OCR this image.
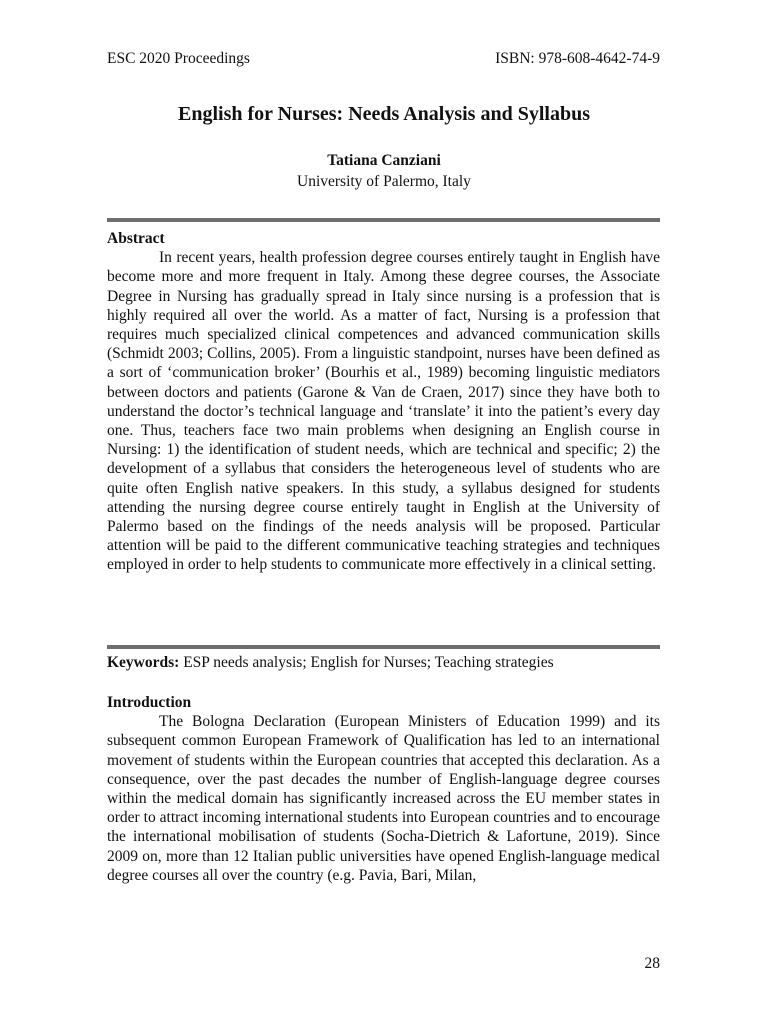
ESC 2020 Proceedings	ISBN: 978-608-4642-74-9
English for Nurses: Needs Analysis and Syllabus
Tatiana Canziani
University of Palermo, Italy

Abstract

In recent years, health profession degree courses entirely taught in English have become more and more frequent in Italy. Among these degree courses, the Associate Degree in Nursing has gradually spread in Italy since nursing is a profession that is highly required all over the world. As a matter of fact, Nursing is a profession that requires much specialized clinical competences and advanced communication skills (Schmidt 2003; Collins, 2005). From a linguistic standpoint, nurses have been defined as a sort of ‘communication broker’ (Bourhis et al., 1989) becoming linguistic mediators between doctors and patients (Garone & Van de Craen, 2017) since they have both to understand the doctor’s technical language and ‘translate’ it into the patient’s every day one. Thus, teachers face two main problems when designing an English course in Nursing: 1) the identification of student needs, which are technical and specific; 2) the development of a syllabus that considers the heterogeneous level of students who are quite often English native speakers. In this study, a syllabus designed for students attending the nursing degree course entirely taught in English at the University of Palermo based on the findings of the needs analysis will be proposed. Particular attention will be paid to the different communicative teaching strategies and techniques employed in order to help students to communicate more effectively in a clinical setting.

Keywords: ESP needs analysis; English for Nurses; Teaching strategies

Introduction

The Bologna Declaration (European Ministers of Education 1999) and its subsequent common European Framework of Qualification has led to an international movement of students within the European countries that accepted this declaration. As a consequence, over the past decades the number of English-language degree courses within the medical domain has significantly increased across the EU member states in order to attract incoming international students into European countries and to encourage the international mobilisation of students (Socha-Dietrich & Lafortune, 2019). Since 2009 on, more than 12 Italian public universities have opened English-language medical degree courses all over the country (e.g. Pavia, Bari, Milan,

28
